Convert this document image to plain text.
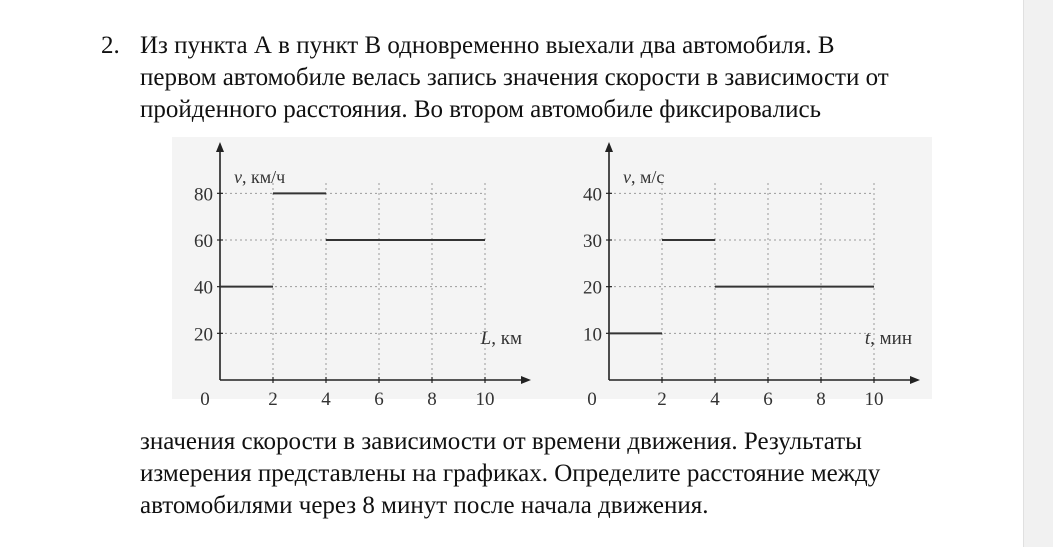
2. Из пункта А в пункт В одновременно выехали два автомобиля. В
первом автомобиле велась запись значения скорости в зависимости от
пройденного расстояния. Во втором автомобиле фиксировались
2 4 6 8 10
20
40
60
80
0
v, км/ч
L, км
2 4 6 8 10
10
20
30
40
0
v, м/с
t, мин
значения скорости в зависимости от времени движения. Результаты
измерения представлены на графиках. Определите расстояние между
автомобилями через 8 минут после начала движения.
